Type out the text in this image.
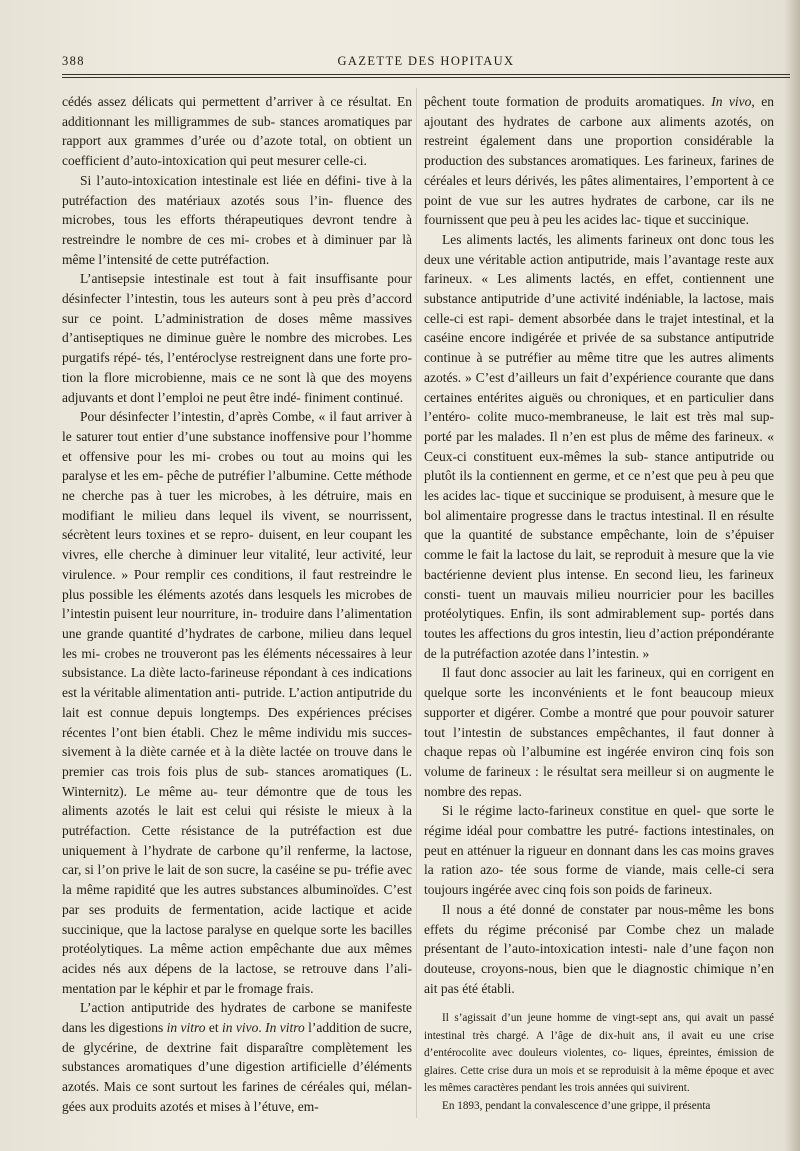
388	GAZETTE DES HOPITAUX

cédés assez délicats qui permettent d’arriver à ce résultat. En additionnant les milligrammes de sub- stances aromatiques par rapport aux grammes d’urée ou d’azote total, on obtient un coefficient d’auto-intoxication qui peut mesurer celle-ci.

Si l’auto-intoxication intestinale est liée en défini- tive à la putréfaction des matériaux azotés sous l’in- fluence des microbes, tous les efforts thérapeutiques devront tendre à restreindre le nombre de ces mi- crobes et à diminuer par là même l’intensité de cette putréfaction.

L’antisepsie intestinale est tout à fait insuffisante pour désinfecter l’intestin, tous les auteurs sont à peu près d’accord sur ce point. L’administration de doses même massives d’antiseptiques ne diminue guère le nombre des microbes. Les purgatifs répé- tés, l’entéroclyse restreignent dans une forte pro- tion la flore microbienne, mais ce ne sont là que des moyens adjuvants et dont l’emploi ne peut être indé- finiment continué.

Pour désinfecter l’intestin, d’après Combe, « il faut arriver à le saturer tout entier d’une substance inoffensive pour l’homme et offensive pour les mi- crobes ou tout au moins qui les paralyse et les em- pêche de putréfier l’albumine. Cette méthode ne cherche pas à tuer les microbes, à les détruire, mais en modifiant le milieu dans lequel ils vivent, se nourrissent, sécrètent leurs toxines et se repro- duisent, en leur coupant les vivres, elle cherche à diminuer leur vitalité, leur activité, leur virulence. » Pour remplir ces conditions, il faut restreindre le plus possible les éléments azotés dans lesquels les microbes de l’intestin puisent leur nourriture, in- troduire dans l’alimentation une grande quantité d’hydrates de carbone, milieu dans lequel les mi- crobes ne trouveront pas les éléments nécessaires à leur subsistance. La diète lacto-farineuse répondant à ces indications est la véritable alimentation anti- putride. L’action antiputride du lait est connue depuis longtemps. Des expériences précises récentes l’ont bien établi. Chez le même individu mis succes- sivement à la diète carnée et à la diète lactée on trouve dans le premier cas trois fois plus de sub- stances aromatiques (L. Winternitz). Le même au- teur démontre que de tous les aliments azotés le lait est celui qui résiste le mieux à la putréfaction. Cette résistance de la putréfaction est due uniquement à l’hydrate de carbone qu’il renferme, la lactose, car, si l’on prive le lait de son sucre, la caséine se pu- tréfie avec la même rapidité que les autres substances albuminoïdes. C’est par ses produits de fermentation, acide lactique et acide succinique, que la lactose paralyse en quelque sorte les bacilles protéolytiques. La même action empêchante due aux mêmes acides nés aux dépens de la lactose, se retrouve dans l’ali- mentation par le képhir et par le fromage frais.

L’action antiputride des hydrates de carbone se manifeste dans les digestions in vitro et in vivo. In vitro l’addition de sucre, de glycérine, de dextrine fait disparaître complètement les substances aromatiques d’une digestion artificielle d’éléments azotés. Mais ce sont surtout les farines de céréales qui, mélan- gées aux produits azotés et mises à l’étuve, em-

pêchent toute formation de produits aromatiques. In vivo, en ajoutant des hydrates de carbone aux aliments azotés, on restreint également dans une proportion considérable la production des substances aromatiques. Les farineux, farines de céréales et leurs dérivés, les pâtes alimentaires, l’emportent à ce point de vue sur les autres hydrates de carbone, car ils ne fournissent que peu à peu les acides lac- tique et succinique.

Les aliments lactés, les aliments farineux ont donc tous les deux une véritable action antiputride, mais l’avantage reste aux farineux. « Les aliments lactés, en effet, contiennent une substance antiputride d’une activité indéniable, la lactose, mais celle-ci est rapi- dement absorbée dans le trajet intestinal, et la caséine encore indigérée et privée de sa substance antiputride continue à se putréfier au même titre que les autres aliments azotés. » C’est d’ailleurs un fait d’expérience courante que dans certaines entérites aiguës ou chroniques, et en particulier dans l’entéro- colite muco-membraneuse, le lait est très mal sup- porté par les malades. Il n’en est plus de même des farineux. « Ceux-ci constituent eux-mêmes la sub- stance antiputride ou plutôt ils la contiennent en germe, et ce n’est que peu à peu que les acides lac- tique et succinique se produisent, à mesure que le bol alimentaire progresse dans le tractus intestinal. Il en résulte que la quantité de substance empêchante, loin de s’épuiser comme le fait la lactose du lait, se reproduit à mesure que la vie bactérienne devient plus intense. En second lieu, les farineux consti- tuent un mauvais milieu nourricier pour les bacilles protéolytiques. Enfin, ils sont admirablement sup- portés dans toutes les affections du gros intestin, lieu d’action prépondérante de la putréfaction azotée dans l’intestin. »

Il faut donc associer au lait les farineux, qui en corrigent en quelque sorte les inconvénients et le font beaucoup mieux supporter et digérer. Combe a montré que pour pouvoir saturer tout l’intestin de substances empêchantes, il faut donner à chaque repas où l’albumine est ingérée environ cinq fois son volume de farineux : le résultat sera meilleur si on augmente le nombre des repas.

Si le régime lacto-farineux constitue en quel- que sorte le régime idéal pour combattre les putré- factions intestinales, on peut en atténuer la rigueur en donnant dans les cas moins graves la ration azo- tée sous forme de viande, mais celle-ci sera toujours ingérée avec cinq fois son poids de farineux.

Il nous a été donné de constater par nous-même les bons effets du régime préconisé par Combe chez un malade présentant de l’auto-intoxication intesti- nale d’une façon non douteuse, croyons-nous, bien que le diagnostic chimique n’en ait pas été établi.

Il s’agissait d’un jeune homme de vingt-sept ans, qui avait un passé intestinal très chargé. A l’âge de dix-huit ans, il avait eu une crise d’entérocolite avec douleurs violentes, co- liques, épreintes, émission de glaires. Cette crise dura un mois et se reproduisit à la même époque et avec les mêmes caractères pendant les trois années qui suivirent.

En 1893, pendant la convalescence d’une grippe, il présenta
